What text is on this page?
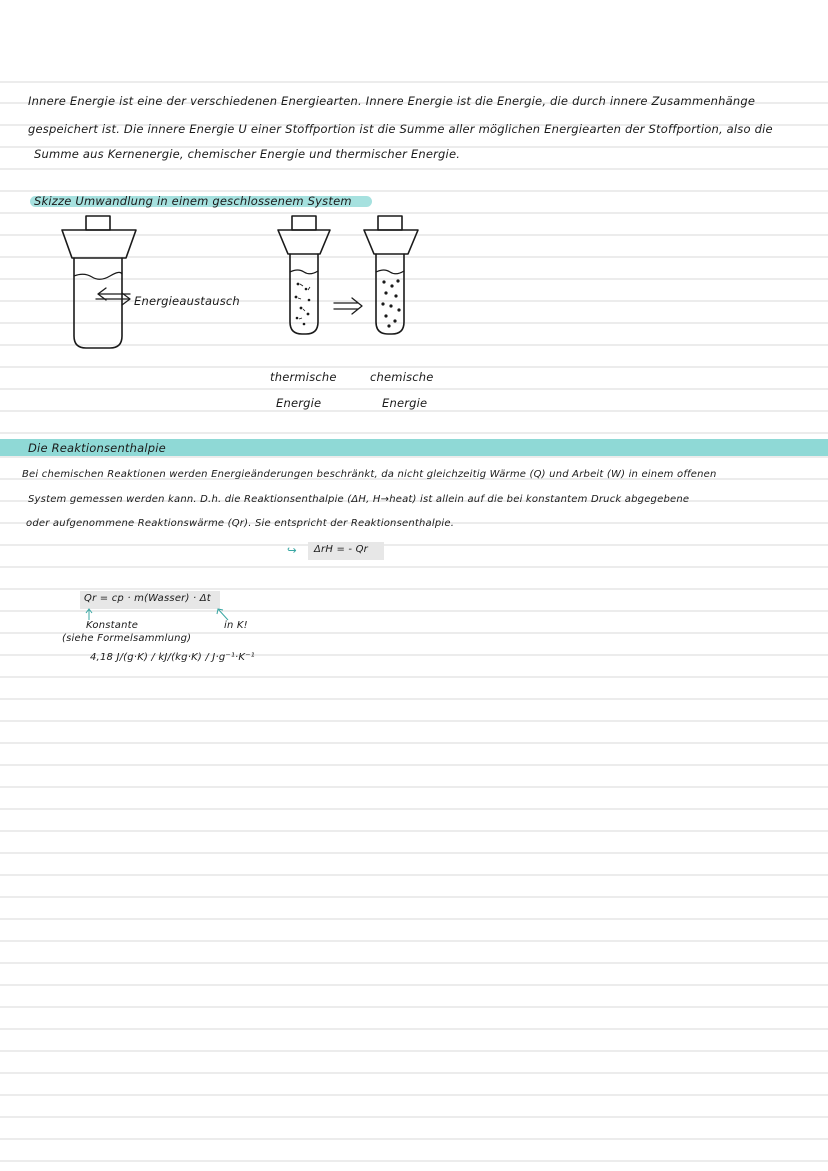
Innere Energie ist eine der verschiedenen Energiearten. Innere Energie ist die Energie, die durch innere Zusammenhänge
gespeichert ist. Die innere Energie U einer Stoffportion ist die Summe aller möglichen Energiearten der Stoffportion, also die
Summe aus Kernenergie, chemischer Energie und thermischer Energie.
Skizze Umwandlung in einem geschlossenem System
Energieaustausch
thermische
Energie
chemische
Energie
Die Reaktionsenthalpie
Bei chemischen Reaktionen werden Energieänderungen beschränkt, da nicht gleichzeitig Wärme (Q) und Arbeit (W) in einem offenen
System gemessen werden kann. D.h. die Reaktionsenthalpie (ΔH, H→heat) ist allein auf die bei konstantem Druck abgegebene
oder aufgenommene Reaktionswärme (Qr). Sie entspricht der Reaktionsenthalpie.
↪ ΔrH = - Qr
Qr = cp · m(Wasser) · Δt
Konstante	in K!
(siehe Formelsammlung)
4,18 J/(g·K) / kJ/(kg·K) / J·g⁻¹·K⁻¹
